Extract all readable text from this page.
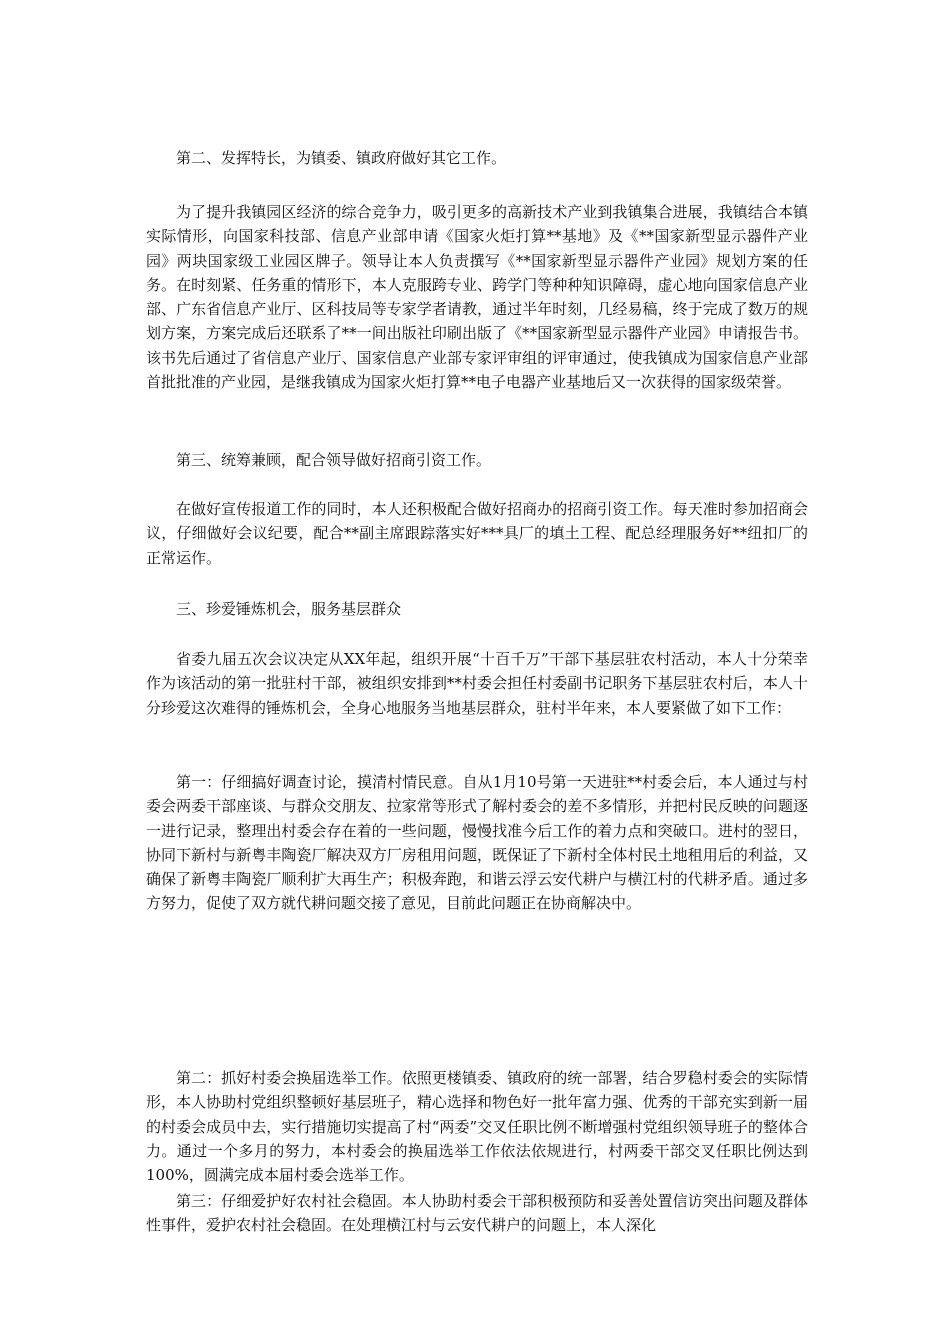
第二、发挥特长，为镇委、镇政府做好其它工作。

为了提升我镇园区经济的综合竞争力，吸引更多的高新技术产业到我镇集合进展，我镇结合本镇实际情形，向国家科技部、信息产业部申请《国家火炬打算**基地》及《**国家新型显示器件产业园》两块国家级工业园区牌子。领导让本人负责撰写《**国家新型显示器件产业园》规划方案的任务。在时刻紧、任务重的情形下，本人克服跨专业、跨学门等种种知识障碍，虚心地向国家信息产业部、广东省信息产业厅、区科技局等专家学者请教，通过半年时刻，几经易稿，终于完成了数万的规划方案，方案完成后还联系了**一间出版社印刷出版了《**国家新型显示器件产业园》申请报告书。该书先后通过了省信息产业厅、国家信息产业部专家评审组的评审通过，使我镇成为国家信息产业部首批批准的产业园，是继我镇成为国家火炬打算**电子电器产业基地后又一次获得的国家级荣誉。

第三、统筹兼顾，配合领导做好招商引资工作。

在做好宣传报道工作的同时，本人还积极配合做好招商办的招商引资工作。每天准时参加招商会议，仔细做好会议纪要，配合**副主席跟踪落实好***具厂的填土工程、配总经理服务好**纽扣厂的正常运作。

三、珍爱锤炼机会，服务基层群众

省委九届五次会议决定从XX年起，组织开展“十百千万”干部下基层驻农村活动，本人十分荣幸作为该活动的第一批驻村干部，被组织安排到**村委会担任村委副书记职务下基层驻农村后，本人十分珍爱这次难得的锤炼机会，全身心地服务当地基层群众，驻村半年来，本人要紧做了如下工作：

第一：仔细搞好调查讨论，摸清村情民意。自从1月10号第一天进驻**村委会后，本人通过与村委会两委干部座谈、与群众交朋友、拉家常等形式了解村委会的差不多情形，并把村民反映的问题逐一进行记录，整理出村委会存在着的一些问题，慢慢找准今后工作的着力点和突破口。进村的翌日，协同下新村与新粤丰陶瓷厂解决双方厂房租用问题，既保证了下新村全体村民土地租用后的利益，又确保了新粤丰陶瓷厂顺利扩大再生产；积极奔跑，和谐云浮云安代耕户与横江村的代耕矛盾。通过多方努力，促使了双方就代耕问题交接了意见，目前此问题正在协商解决中。

第二：抓好村委会换届选举工作。依照更楼镇委、镇政府的统一部署，结合罗稳村委会的实际情形，本人协助村党组织整顿好基层班子，精心选择和物色好一批年富力强、优秀的干部充实到新一届的村委会成员中去，实行措施切实提高了村“两委”交叉任职比例不断增强村党组织领导班子的整体合力。通过一个多月的努力，本村委会的换届选举工作依法依规进行，村两委干部交叉任职比例达到100%，圆满完成本届村委会选举工作。

第三：仔细爱护好农村社会稳固。本人协助村委会干部积极预防和妥善处置信访突出问题及群体性事件，爱护农村社会稳固。在处理横江村与云安代耕户的问题上，本人深化
